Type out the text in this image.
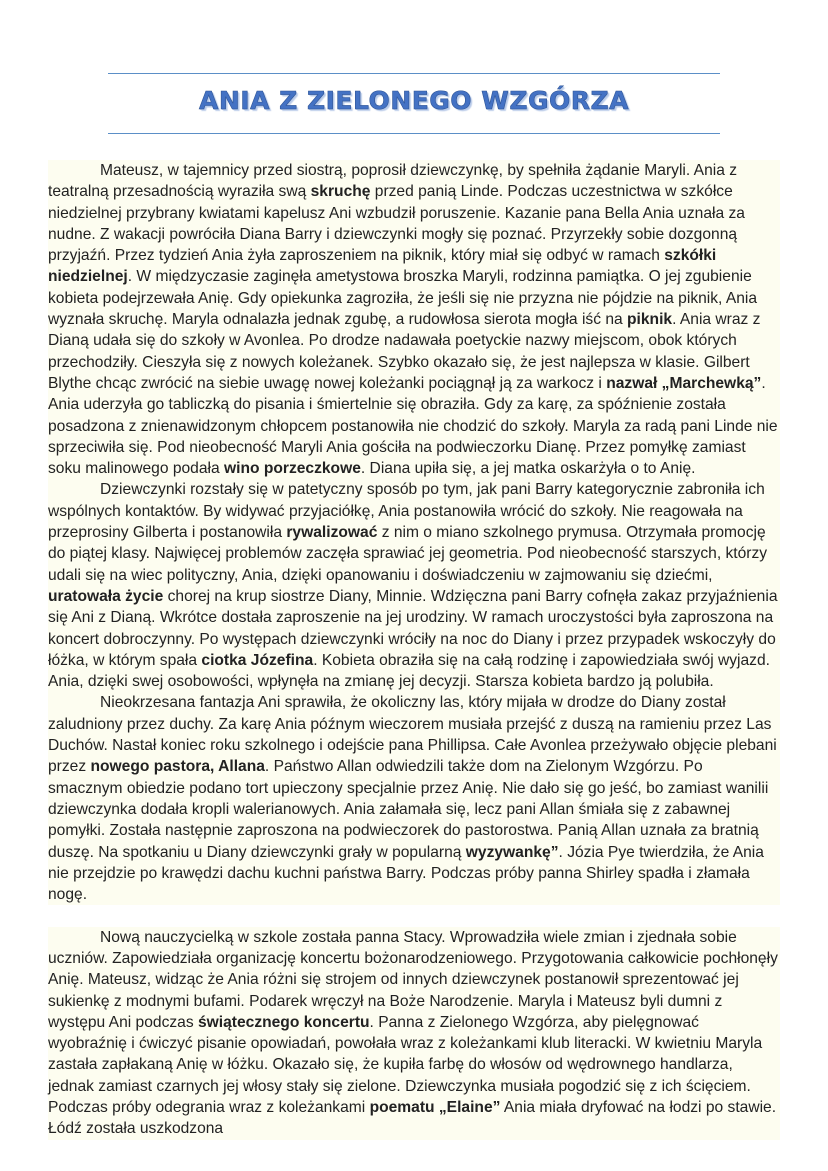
ANIA Z ZIELONEGO WZGÓRZA

Mateusz, w tajemnicy przed siostrą, poprosił dziewczynkę, by spełniła żądanie Maryli. Ania z teatralną przesadnością wyraziła swą skruchę przed panią Linde. Podczas uczestnictwa w szkółce niedzielnej przybrany kwiatami kapelusz Ani wzbudził poruszenie. Kazanie pana Bella Ania uznała za nudne. Z wakacji powróciła Diana Barry i dziewczynki mogły się poznać. Przyrzekły sobie dozgonną przyjaźń. Przez tydzień Ania żyła zaproszeniem na piknik, który miał się odbyć w ramach szkółki niedzielnej. W międzyczasie zaginęła ametystowa broszka Maryli, rodzinna pamiątka. O jej zgubienie kobieta podejrzewała Anię. Gdy opiekunka zagroziła, że jeśli się nie przyzna nie pójdzie na piknik, Ania wyznała skruchę. Maryla odnalazła jednak zgubę, a rudowłosa sierota mogła iść na piknik. Ania wraz z Dianą udała się do szkoły w Avonlea. Po drodze nadawała poetyckie nazwy miejscom, obok których przechodziły. Cieszyła się z nowych koleżanek. Szybko okazało się, że jest najlepsza w klasie. Gilbert Blythe chcąc zwrócić na siebie uwagę nowej koleżanki pociągnął ją za warkocz i nazwał „Marchewką”. Ania uderzyła go tabliczką do pisania i śmiertelnie się obraziła. Gdy za karę, za spóźnienie została posadzona z znienawidzonym chłopcem postanowiła nie chodzić do szkoły. Maryla za radą pani Linde nie sprzeciwiła się. Pod nieobecność Maryli Ania gościła na podwieczorku Dianę. Przez pomyłkę zamiast soku malinowego podała wino porzeczkowe. Diana upiła się, a jej matka oskarżyła o to Anię.

Dziewczynki rozstały się w patetyczny sposób po tym, jak pani Barry kategorycznie zabroniła ich wspólnych kontaktów. By widywać przyjaciółkę, Ania postanowiła wrócić do szkoły. Nie reagowała na przeprosiny Gilberta i postanowiła rywalizować z nim o miano szkolnego prymusa. Otrzymała promocję do piątej klasy. Najwięcej problemów zaczęła sprawiać jej geometria. Pod nieobecność starszych, którzy udali się na wiec polityczny, Ania, dzięki opanowaniu i doświadczeniu w zajmowaniu się dziećmi, uratowała życie chorej na krup siostrze Diany, Minnie. Wdzięczna pani Barry cofnęła zakaz przyjaźnienia się Ani z Dianą. Wkrótce dostała zaproszenie na jej urodziny. W ramach uroczystości była zaproszona na koncert dobroczynny. Po występach dziewczynki wróciły na noc do Diany i przez przypadek wskoczyły do łóżka, w którym spała ciotka Józefina. Kobieta obraziła się na całą rodzinę i zapowiedziała swój wyjazd. Ania, dzięki swej osobowości, wpłynęła na zmianę jej decyzji. Starsza kobieta bardzo ją polubiła.

Nieokrzesana fantazja Ani sprawiła, że okoliczny las, który mijała w drodze do Diany został zaludniony przez duchy. Za karę Ania późnym wieczorem musiała przejść z duszą na ramieniu przez Las Duchów. Nastał koniec roku szkolnego i odejście pana Phillipsa. Całe Avonlea przeżywało objęcie plebani przez nowego pastora, Allana. Państwo Allan odwiedzili także dom na Zielonym Wzgórzu. Po smacznym obiedzie podano tort upieczony specjalnie przez Anię. Nie dało się go jeść, bo zamiast wanilii dziewczynka dodała kropli walerianowych. Ania załamała się, lecz pani Allan śmiała się z zabawnej pomyłki. Została następnie zaproszona na podwieczorek do pastorostwa. Panią Allan uznała za bratnią duszę. Na spotkaniu u Diany dziewczynki grały w popularną wyzywankę”. Józia Pye twierdziła, że Ania nie przejdzie po krawędzi dachu kuchni państwa Barry. Podczas próby panna Shirley spadła i złamała nogę.

Nową nauczycielką w szkole została panna Stacy. Wprowadziła wiele zmian i zjednała sobie uczniów. Zapowiedziała organizację koncertu bożonarodzeniowego. Przygotowania całkowicie pochłonęły Anię. Mateusz, widząc że Ania różni się strojem od innych dziewczynek postanowił sprezentować jej sukienkę z modnymi bufami. Podarek wręczył na Boże Narodzenie. Maryla i Mateusz byli dumni z występu Ani podczas świątecznego koncertu. Panna z Zielonego Wzgórza, aby pielęgnować wyobraźnię i ćwiczyć pisanie opowiadań, powołała wraz z koleżankami klub literacki. W kwietniu Maryla zastała zapłakaną Anię w łóżku. Okazało się, że kupiła farbę do włosów od wędrownego handlarza, jednak zamiast czarnych jej włosy stały się zielone. Dziewczynka musiała pogodzić się z ich ścięciem. Podczas próby odegrania wraz z koleżankami poematu „Elaine” Ania miała dryfować na łodzi po stawie. Łódź została uszkodzona
